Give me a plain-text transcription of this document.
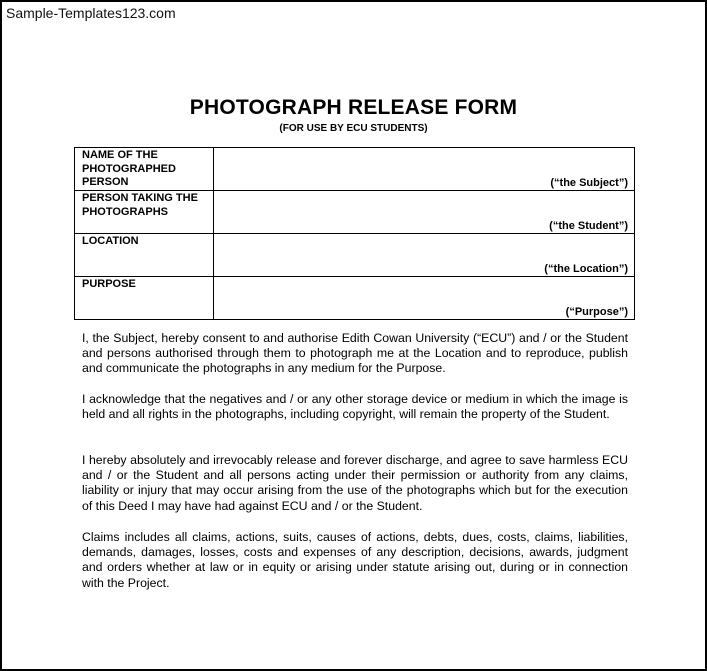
Sample-Templates123.com
PHOTOGRAPH RELEASE FORM
(FOR USE BY ECU STUDENTS)
NAME OF THE PHOTOGRAPHED PERSON	(“the Subject”)

PERSON TAKING THE PHOTOGRAPHS	(“the Student”)

LOCATION	(“the Location”)

PURPOSE	(“Purpose”)
I, the Subject, hereby consent to and authorise Edith Cowan University (“ECU”) and / or the Student and persons authorised through them to photograph me at the Location and to reproduce, publish and communicate the photographs in any medium for the Purpose.
I acknowledge that the negatives and / or any other storage device or medium in which the image is held and all rights in the photographs, including copyright, will remain the property of the Student.
I hereby absolutely and irrevocably release and forever discharge, and agree to save harmless ECU and / or the Student and all persons acting under their permission or authority from any claims, liability or injury that may occur arising from the use of the photographs which but for the execution of this Deed I may have had against ECU and / or the Student.
Claims includes all claims, actions, suits, causes of actions, debts, dues, costs, claims, liabilities, demands, damages, losses, costs and expenses of any description, decisions, awards, judgment and orders whether at law or in equity or arising under statute arising out, during or in connection with the Project.
